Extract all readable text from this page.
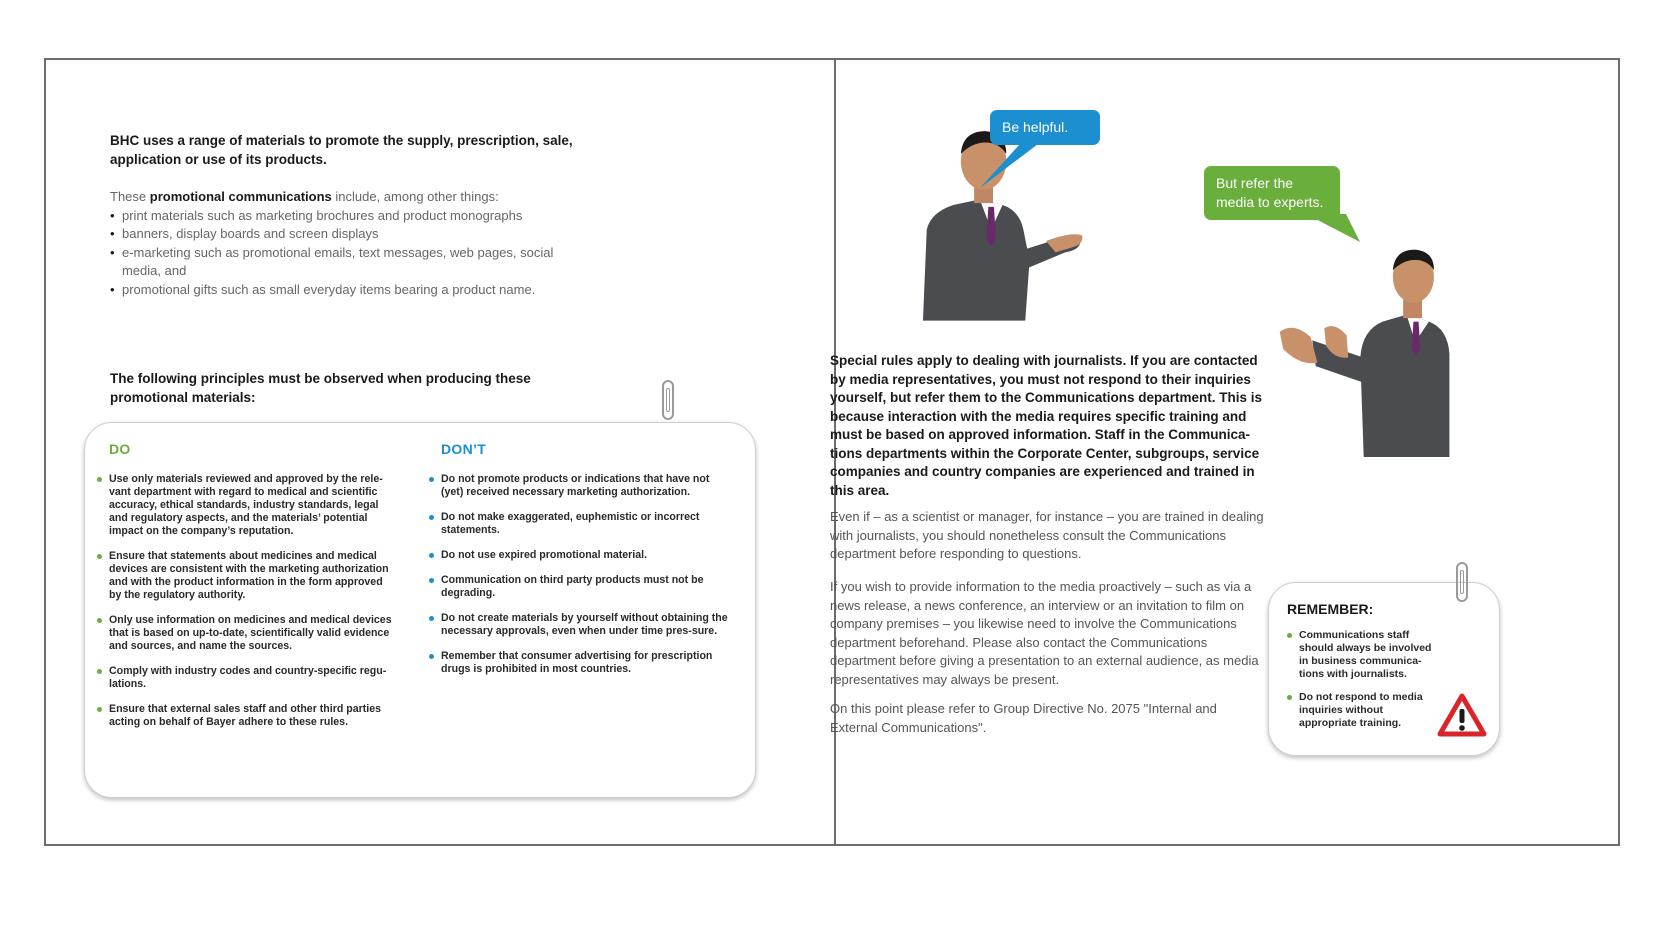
BHC uses a range of materials to promote the supply, prescription, sale, application or use of its products.
These promotional communications include, among other things:
• print materials such as marketing brochures and product monographs
• banners, display boards and screen displays
• e-marketing such as promotional emails, text messages, web pages, social media, and
• promotional gifts such as small everyday items bearing a product name.
The following principles must be observed when producing these promotional materials:
DO	DON’T
Use only materials reviewed and approved by the rele-vant department with regard to medical and scientific accuracy, ethical standards, industry standards, legal and regulatory aspects, and the materials’ potential impact on the company’s reputation.
Ensure that statements about medicines and medical devices are consistent with the marketing authorization and with the product information in the form approved by the regulatory authority.
Only use information on medicines and medical devices that is based on up-to-date, scientifically valid evidence and sources, and name the sources.
Comply with industry codes and country-specific regu-lations.
Ensure that external sales staff and other third parties acting on behalf of Bayer adhere to these rules.
Do not promote products or indications that have not (yet) received necessary marketing authorization.
Do not make exaggerated, euphemistic or incorrect statements.
Do not use expired promotional material.
Communication on third party products must not be degrading.
Do not create materials by yourself without obtaining the necessary approvals, even when under time pres-sure.
Remember that consumer advertising for prescription drugs is prohibited in most countries.
Be helpful.
But refer the media to experts.
Special rules apply to dealing with journalists. If you are contacted by media representatives, you must not respond to their inquiries yourself, but refer them to the Communications department. This is because interaction with the media requires specific training and must be based on approved information. Staff in the Communica-tions departments within the Corporate Center, subgroups, service companies and country companies are experienced and trained in this area.
Even if – as a scientist or manager, for instance – you are trained in dealing with journalists, you should nonetheless consult the Communications department before responding to questions.
If you wish to provide information to the media proactively – such as via a news release, a news conference, an interview or an invitation to film on company premises – you likewise need to involve the Communications department beforehand. Please also contact the Communications department before giving a presentation to an external audience, as media representatives may always be present.
On this point please refer to Group Directive No. 2075 "Internal and External Communications".
REMEMBER:
Communications staff should always be involved in business communica-tions with journalists.
Do not respond to media inquiries without appropriate training.
